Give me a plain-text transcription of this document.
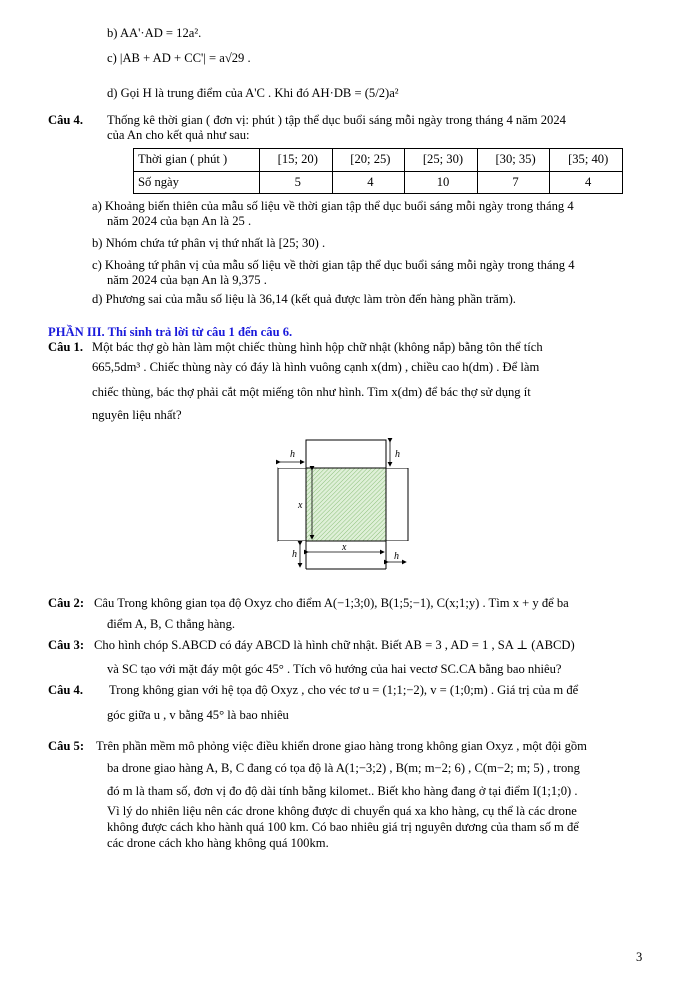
b) AA'·AD = 12a².
c) |AB + AD + CC'| = a√29 .
d) Gọi H là trung điểm của A'C . Khi đó AH·DB = (5/2)a²
Câu 4. Thống kê thời gian ( đơn vị: phút ) tập thể dục buổi sáng mỗi ngày trong tháng 4 năm 2024
của An cho kết quả như sau:
Thời gian ( phút )	[15; 20)	[20; 25)	[25; 30)	[30; 35)	[35; 40)
Số ngày	5	4	10	7	4
a) Khoảng biến thiên của mẫu số liệu về thời gian tập thể dục buổi sáng mỗi ngày trong tháng 4
năm 2024 của bạn An là 25 .
b) Nhóm chứa tứ phân vị thứ nhất là [25; 30) .
c) Khoảng tứ phân vị của mẫu số liệu về thời gian tập thể dục buổi sáng mỗi ngày trong tháng 4
năm 2024 của bạn An là 9,375 .
d) Phương sai của mẫu số liệu là 36,14 (kết quả được làm tròn đến hàng phần trăm).
PHẦN III. Thí sinh trả lời từ câu 1 đến câu 6.
Câu 1. Một bác thợ gò hàn làm một chiếc thùng hình hộp chữ nhật (không nắp) bằng tôn thể tích
665,5dm³ . Chiếc thùng này có đáy là hình vuông cạnh x(dm) , chiều cao h(dm) . Để làm
chiếc thùng, bác thợ phải cắt một miếng tôn như hình. Tìm x(dm) để bác thợ sử dụng ít
nguyên liệu nhất?
h	h
x
x
h	h
Câu 2: Câu Trong không gian tọa độ Oxyz cho điểm A(−1;3;0), B(1;5;−1), C(x;1;y) . Tìm x + y để ba
điểm A, B, C thẳng hàng.
Câu 3: Cho hình chóp S.ABCD có đáy ABCD là hình chữ nhật. Biết AB = 3 , AD = 1 , SA ⊥ (ABCD)
và SC tạo với mặt đáy một góc 45° . Tích vô hướng của hai vectơ SC.CA bằng bao nhiêu?
Câu 4. Trong không gian với hệ tọa độ Oxyz , cho véc tơ u = (1;1;−2), v = (1;0;m) . Giá trị của m để
góc giữa u , v bằng 45° là bao nhiêu
Câu 5: Trên phần mềm mô phỏng việc điều khiển drone giao hàng trong không gian Oxyz , một đội gồm
ba drone giao hàng A, B, C đang có tọa độ là A(1;−3;2) , B(m; m−2; 6) , C(m−2; m; 5) , trong
đó m là tham số, đơn vị đo độ dài tính bằng kilomet.. Biết kho hàng đang ở tại điểm I(1;1;0) .
Vì lý do nhiên liệu nên các drone không được di chuyển quá xa kho hàng, cụ thể là các drone
không được cách kho hành quá 100 km. Có bao nhiêu giá trị nguyên dương của tham số m để
các drone cách kho hàng không quá 100km.
3
